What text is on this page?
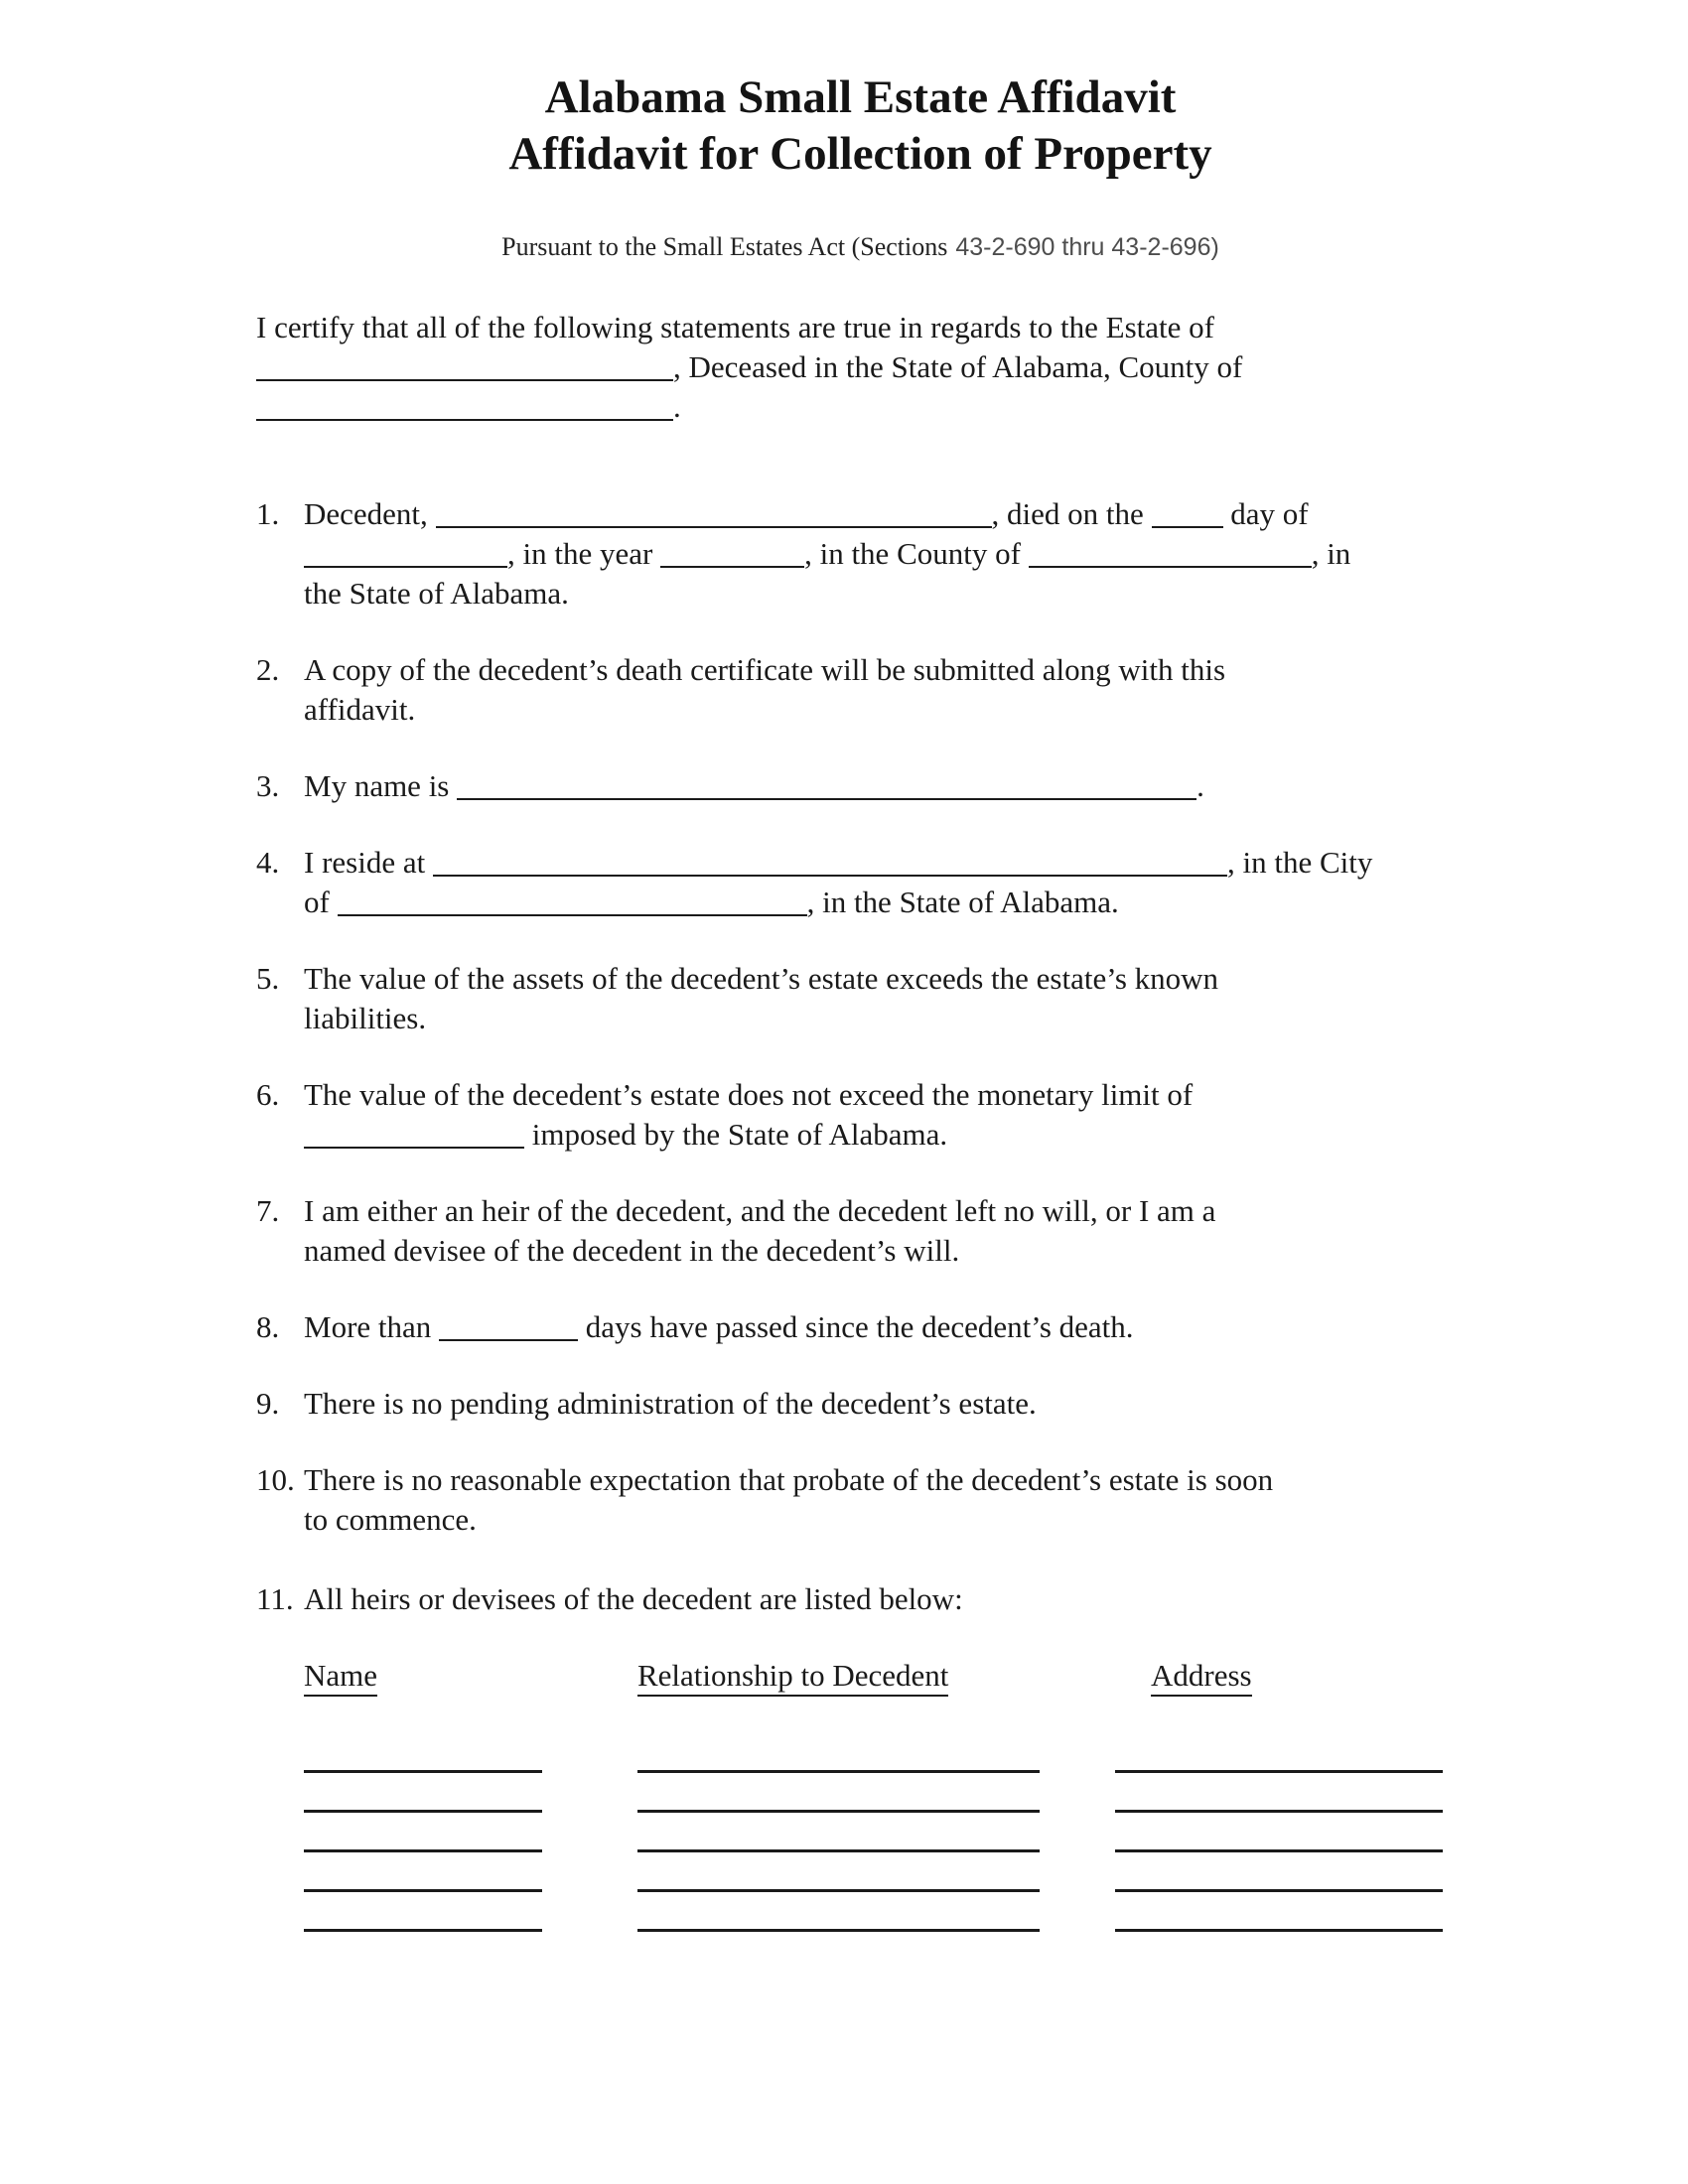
Alabama Small Estate Affidavit
Affidavit for Collection of Property

Pursuant to the Small Estates Act (Sections 43-2-690 thru 43-2-696)

I certify that all of the following statements are true in regards to the Estate of
, Deceased in the State of Alabama, County of
.

1. Decedent,	, died on the  day of
, in the year	, in the County of	, in
the State of Alabama.
2. A copy of the decedent’s death certificate will be submitted along with this
affidavit.
3. My name is	.
4. I reside at	, in the City
of	, in the State of Alabama.
5. The value of the assets of the decedent’s estate exceeds the estate’s known
liabilities.
6. The value of the decedent’s estate does not exceed the monetary limit of
imposed by the State of Alabama.
7. I am either an heir of the decedent, and the decedent left no will, or I am a
named devisee of the decedent in the decedent’s will.
8. More than	days have passed since the decedent’s death.
9. There is no pending administration of the decedent’s estate.
10. There is no reasonable expectation that probate of the decedent’s estate is soon
to commence.
11. All heirs or devisees of the decedent are listed below:
Name	Relationship to Decedent	Address
